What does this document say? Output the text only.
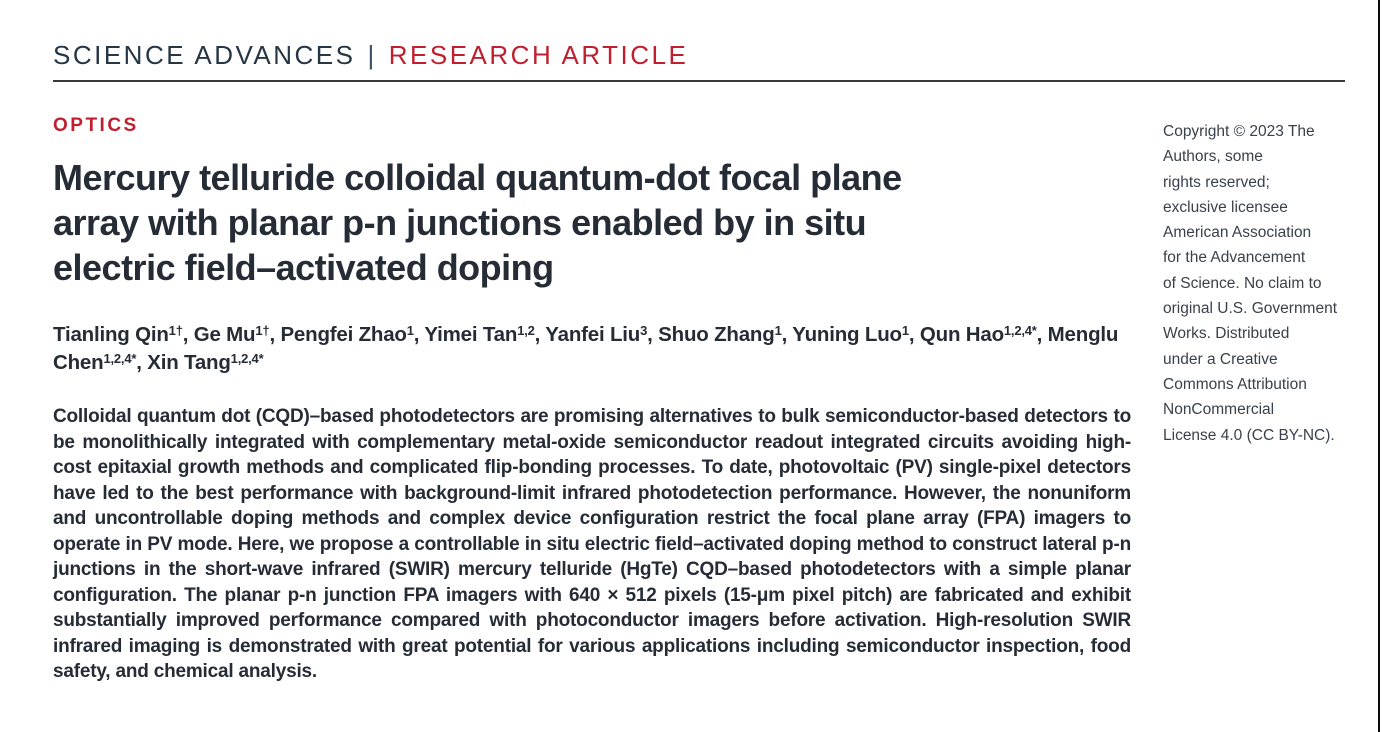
SCIENCE ADVANCES | RESEARCH ARTICLE
OPTICS
Mercury telluride colloidal quantum-dot focal plane
array with planar p-n junctions enabled by in situ
electric field–activated doping
Tianling Qin$^{1\dagger}$, Ge $Mu^{1\dagger}$, Pengfei Zhao$^1$, Yimei Tan$^{1,2}$, Yanfei Liu$^3$, Shuo Zhang$^1$, Yuning Luo$^1$, Qun Hao$^{1,2,4*}$, Menglu Chen$^{1,2,4*}$, Xin Tang$^{1,2,4*}$

Colloidal quantum dot (CQD)–based photodetectors are promising alternatives to bulk semiconductor-based detectors to be monolithically integrated with complementary metal-oxide semiconductor readout integrated circuits avoiding high-cost epitaxial growth methods and complicated flip-bonding processes. To date, photovoltaic (PV) single-pixel detectors have led to the best performance with background-limit infrared photodetection performance. However, the nonuniform and uncontrollable doping methods and complex device configuration restrict the focal plane array (FPA) imagers to operate in PV mode. Here, we propose a controllable in situ electric field–activated doping method to construct lateral p-n junctions in the short-wave infrared (SWIR) mercury telluride (HgTe) CQD–based photodetectors with a simple planar configuration. The planar p-n junction FPA imagers with 640 × 512 pixels (15-μm pixel pitch) are fabricated and exhibit substantially improved performance compared with photoconductor imagers before activation. High-resolution SWIR infrared imaging is demonstrated with great potential for various applications including semiconductor inspection, food safety, and chemical analysis.

Copyright © 2023 The
Authors, some
rights reserved;
exclusive licensee
American Association
for the Advancement
of Science. No claim to
original U.S. Government
Works. Distributed
under a Creative
Commons Attribution
NonCommercial
License 4.0 (CC BY-NC).
